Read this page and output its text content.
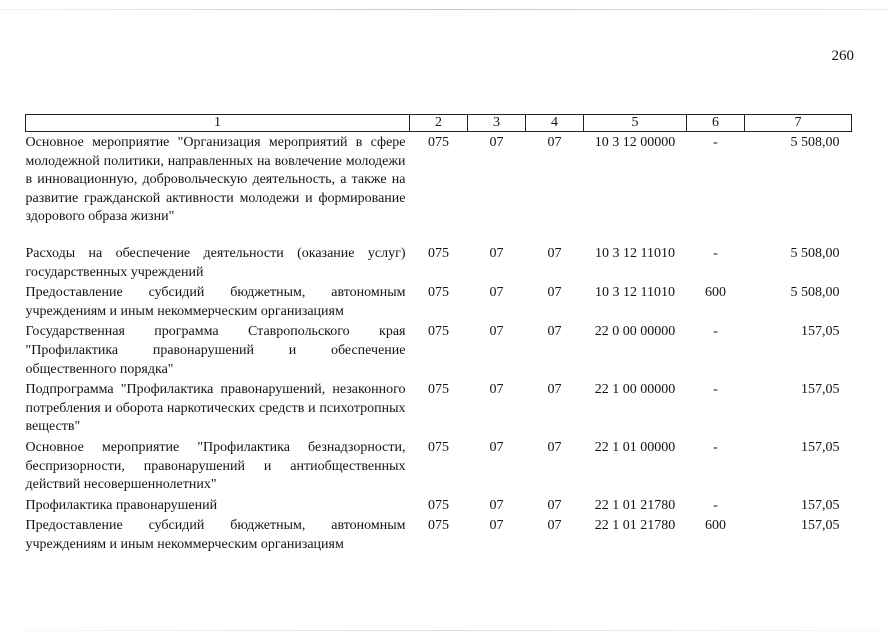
260
1	2	3	4	5	6	7
Основное мероприятие "Организация мероприятий в сфере молодежной политики, направленных на вовлечение молодежи в инновационную, добровольческую деятельность, а также на развитие гражданской активности молодежи и формирование здорового образа жизни"	075	07	07	10 3 12 00000	-	5 508,00

Расходы на обеспечение деятельности (оказание услуг) государственных учреждений	075	07	07	10 3 12 11010	-	5 508,00
Предоставление субсидий бюджетным, автономным учреждениям и иным некоммерческим организациям	075	07	07	10 3 12 11010	600	5 508,00
Государственная программа Ставропольского края "Профилактика правонарушений и обеспечение общественного порядка"	075	07	07	22 0 00 00000	-	157,05
Подпрограмма "Профилактика правонарушений, незаконного потребления и оборота наркотических средств и психотропных веществ"	075	07	07	22 1 00 00000	-	157,05
Основное мероприятие "Профилактика безнадзорности, беспризорности, правонарушений и антиобщественных действий несовершеннолетних"	075	07	07	22 1 01 00000	-	157,05
Профилактика правонарушений	075	07	07	22 1 01 21780	-	157,05
Предоставление субсидий бюджетным, автономным учреждениям и иным некоммерческим организациям	075	07	07	22 1 01 21780	600	157,05
